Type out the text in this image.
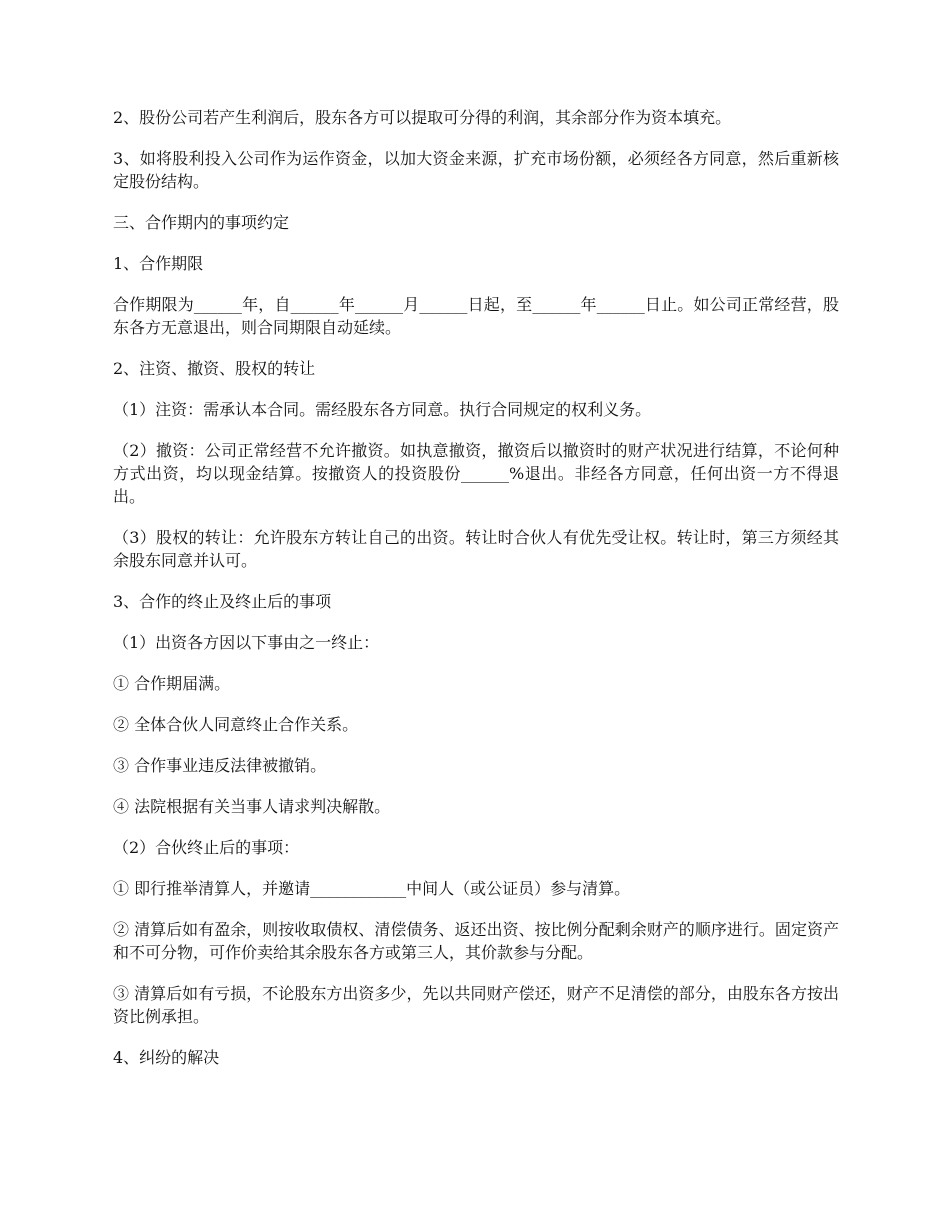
2、股份公司若产生利润后，股东各方可以提取可分得的利润，其余部分作为资本填充。

3、如将股利投入公司作为运作资金，以加大资金来源，扩充市场份额，必须经各方同意，然后重新核定股份结构。

三、合作期内的事项约定

1、合作期限

合作期限为______年，自______年______月______日起，至______年______日止。如公司正常经营，股东各方无意退出，则合同期限自动延续。

2、注资、撤资、股权的转让

（1）注资：需承认本合同。需经股东各方同意。执行合同规定的权利义务。

（2）撤资：公司正常经营不允许撤资。如执意撤资，撤资后以撤资时的财产状况进行结算，不论何种方式出资，均以现金结算。按撤资人的投资股份______%退出。非经各方同意，任何出资一方不得退出。

（3）股权的转让：允许股东方转让自己的出资。转让时合伙人有优先受让权。转让时，第三方须经其余股东同意并认可。

3、合作的终止及终止后的事项

（1）出资各方因以下事由之一终止：

① 合作期届满。

② 全体合伙人同意终止合作关系。

③ 合作事业违反法律被撤销。

④ 法院根据有关当事人请求判决解散。

（2）合伙终止后的事项：

① 即行推举清算人，并邀请____________中间人（或公证员）参与清算。

② 清算后如有盈余，则按收取债权、清偿债务、返还出资、按比例分配剩余财产的顺序进行。固定资产和不可分物，可作价卖给其余股东各方或第三人，其价款参与分配。

③ 清算后如有亏损，不论股东方出资多少，先以共同财产偿还，财产不足清偿的部分，由股东各方按出资比例承担。

4、纠纷的解决
